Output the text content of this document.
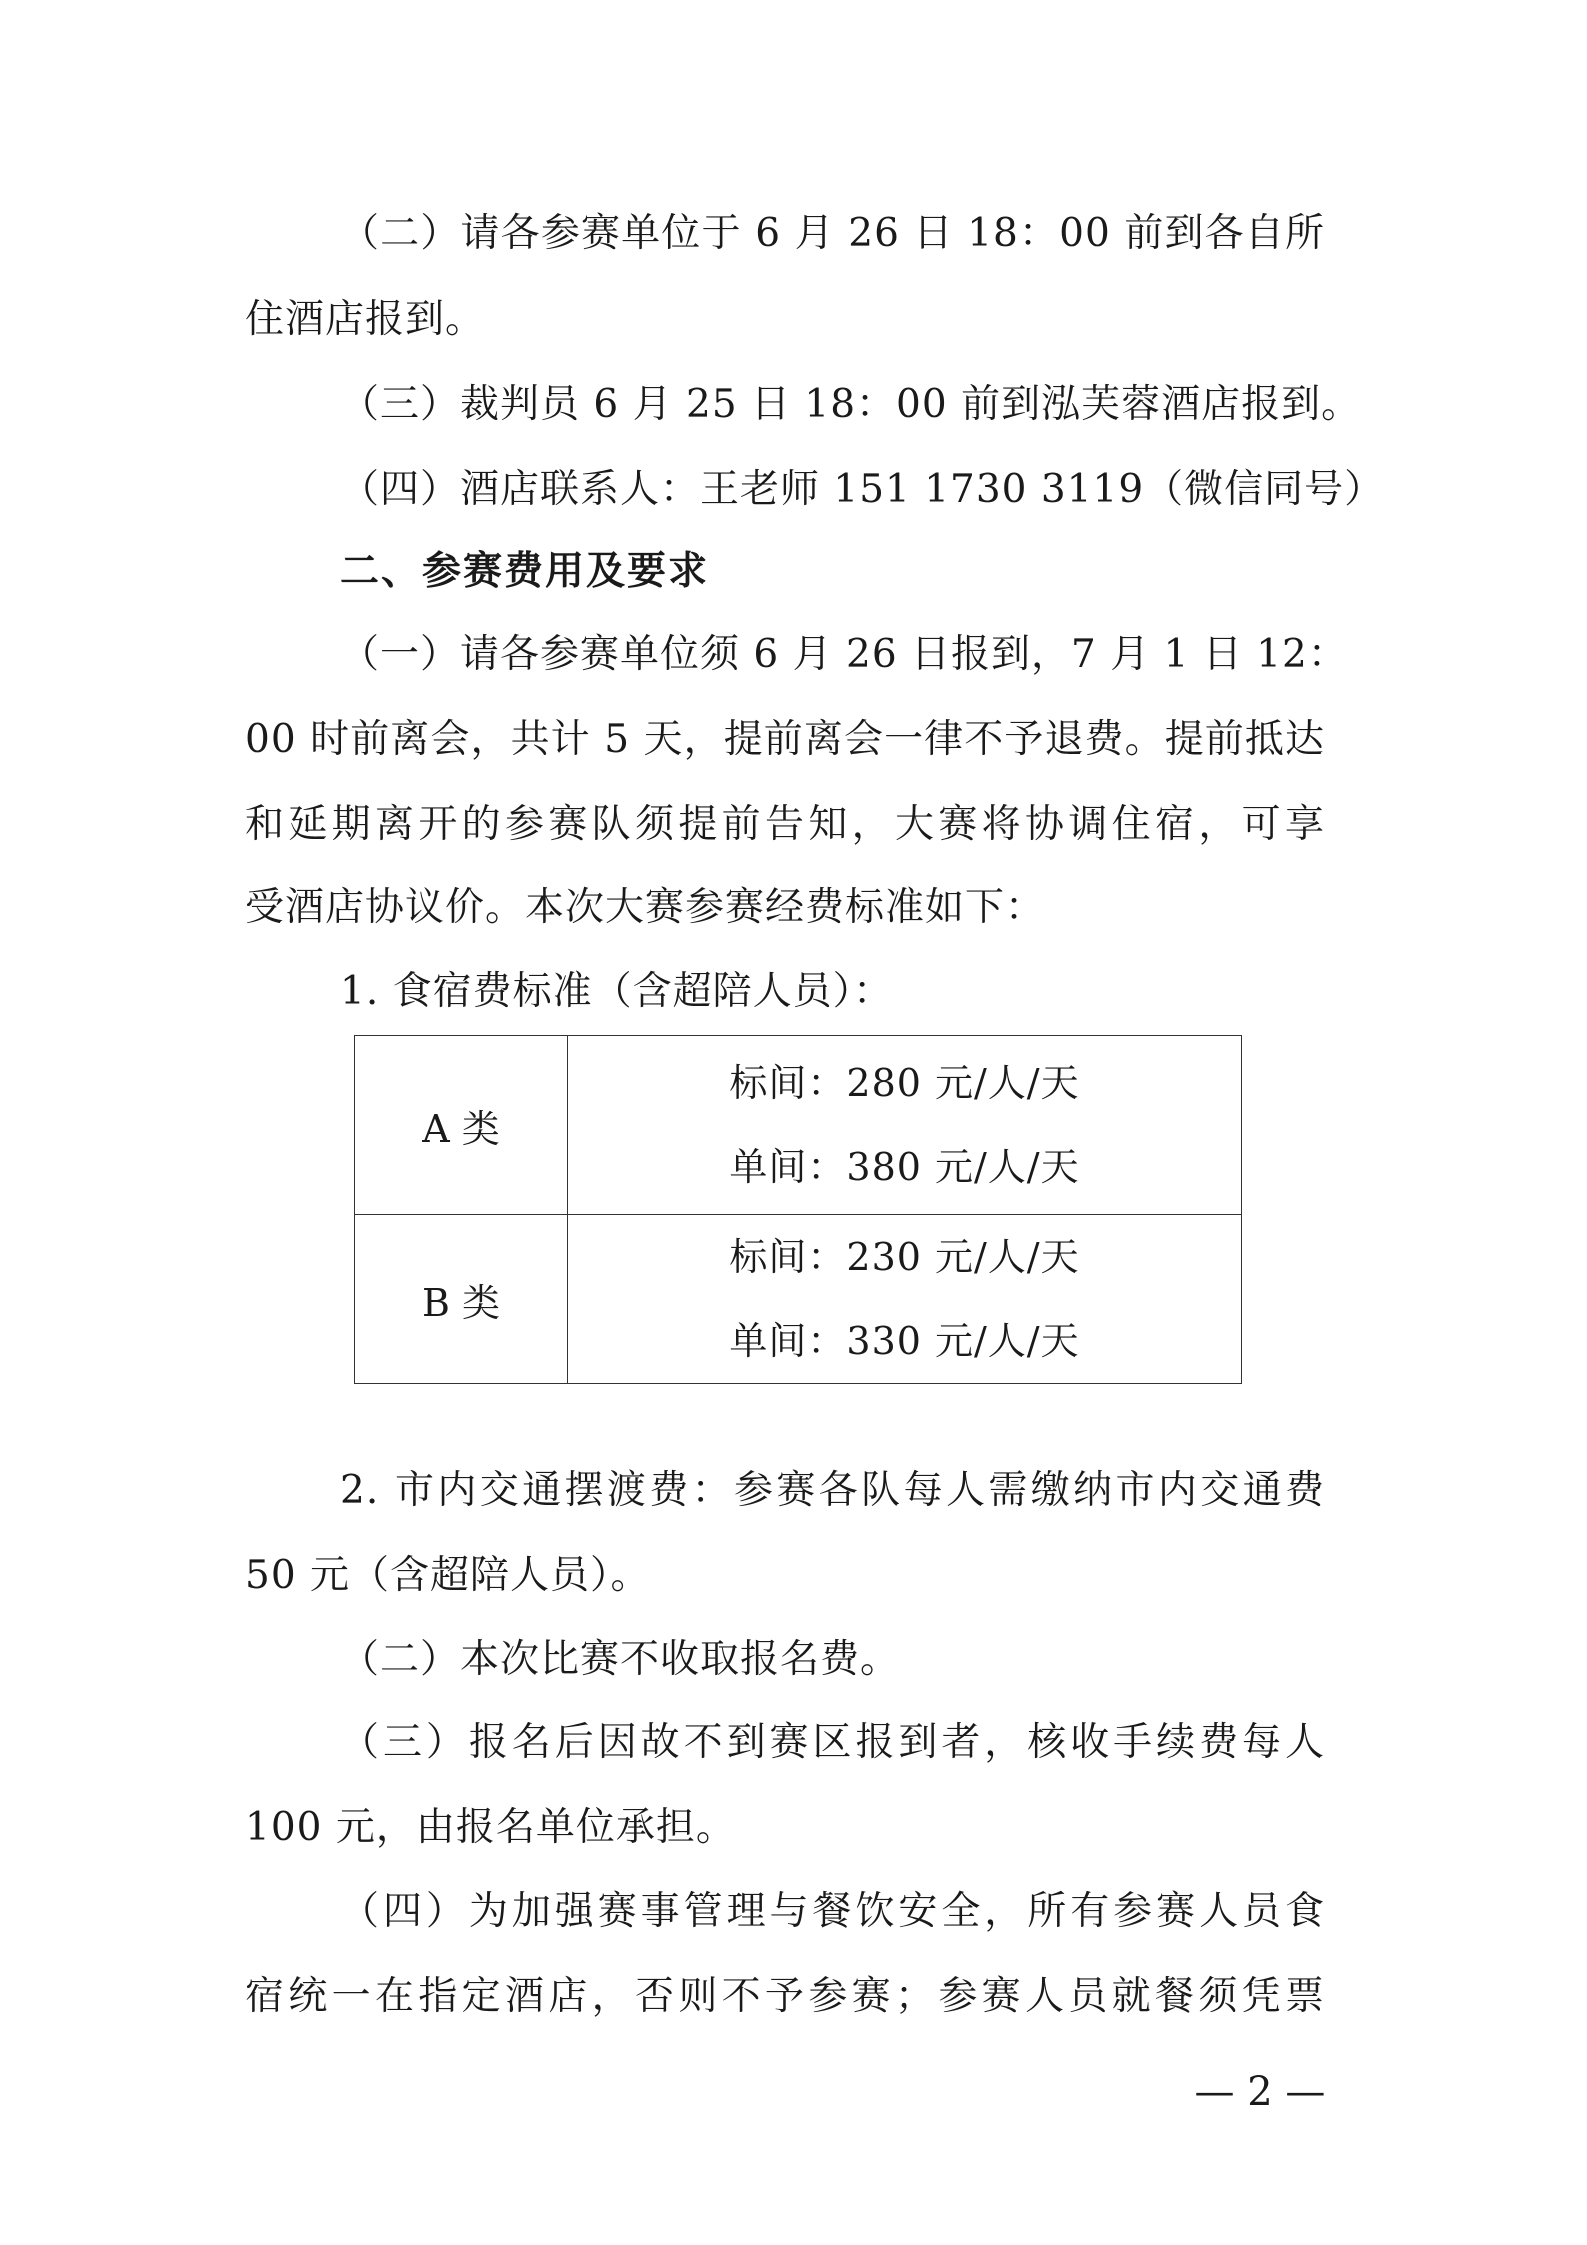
（二）请各参赛单位于 6 月 26 日 18：00 前到各自所
住酒店报到。
（三）裁判员 6 月 25 日 18：00 前到泓芙蓉酒店报到。
（四）酒店联系人：王老师 151 1730 3119（微信同号）
二、参赛费用及要求
（一）请各参赛单位须 6 月 26 日报到，7 月 1 日 12：
00 时前离会，共计 5 天，提前离会一律不予退费。提前抵达
和延期离开的参赛队须提前告知，大赛将协调住宿，可享
受酒店协议价。本次大赛参赛经费标准如下：
1. 食宿费标准（含超陪人员）：
A 类	标间：280 元/人/天
单间：380 元/人/天

B 类	标间：230 元/人/天
单间：330 元/人/天
2. 市内交通摆渡费：参赛各队每人需缴纳市内交通费
50 元（含超陪人员）。
（二）本次比赛不收取报名费。
（三）报名后因故不到赛区报到者，核收手续费每人
100 元，由报名单位承担。
（四）为加强赛事管理与餐饮安全，所有参赛人员食
宿统一在指定酒店，否则不予参赛；参赛人员就餐须凭票
— 2 —
